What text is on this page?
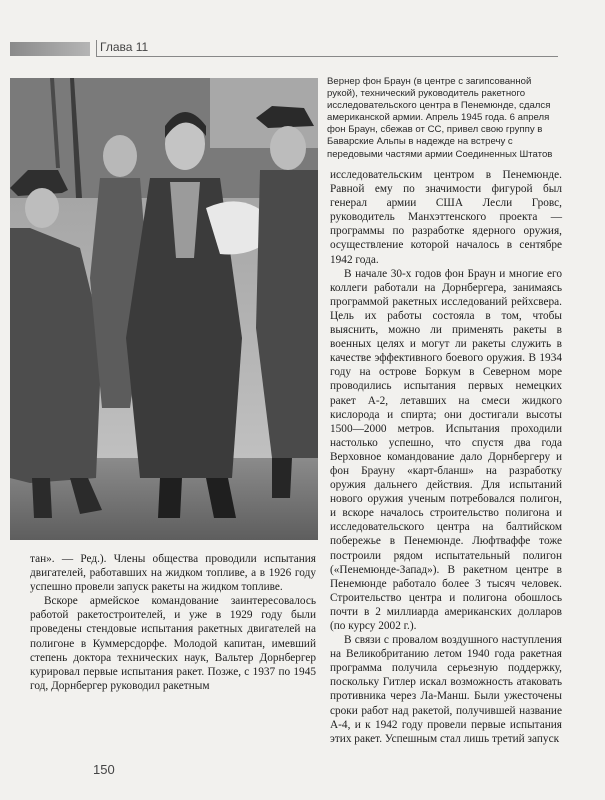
Глава 11
Вернер фон Браун (в центре с загипсованной рукой), технический руководитель ракетного исследовательского центра в Пенемюнде, сдался американской армии. Апрель 1945 года. 6 апреля фон Браун, сбежав от СС, привел свою группу в Баварские Альпы в надежде на встречу с передовыми частями армии Соединенных Штатов

исследовательским центром в Пенемюнде. Равной ему по значимости фигурой был генерал армии США Лесли Гровс, руководитель Манхэттенского проекта — программы по разработке ядерного оружия, осуществление которой началось в сентябре 1942 года.

В начале 30-х годов фон Браун и многие его коллеги работали на Дорнбергера, занимаясь программой ракетных исследований рейхсвера. Цель их работы состояла в том, чтобы выяснить, можно ли применять ракеты в военных целях и могут ли ракеты служить в качестве эффективного боевого оружия. В 1934 году на острове Боркум в Северном море проводились испытания первых немецких ракет А-2, летавших на смеси жидкого кислорода и спирта; они достигали высоты 1500—2000 метров. Испытания проходили настолько успешно, что спустя два года Верховное командование дало Дорнбергеру и фон Брауну «карт-бланш» на разработку оружия дальнего действия. Для испытаний нового оружия ученым потребовался полигон, и вскоре началось строительство полигона и исследовательского центра на балтийском побережье в Пенемюнде. Люфтваффе тоже построили рядом испытательный полигон («Пенемюнде-Запад»). В ракетном центре в Пенемюнде работало более 3 тысяч человек. Строительство центра и полигона обошлось почти в 2 миллиарда американских долларов (по курсу 2002 г.).

В связи с провалом воздушного наступления на Великобританию летом 1940 года ракетная программа получила серьезную поддержку, поскольку Гитлер искал возможность атаковать противника через Ла-Манш. Были ужесточены сроки работ над ракетой, получившей название А-4, и к 1942 году провели первые испытания этих ракет. Успешным стал лишь третий запуск

тан». — Ред.). Члены общества проводили испытания двигателей, работавших на жидком топливе, а в 1926 году успешно провели запуск ракеты на жидком топливе.

Вскоре армейское командование заинтересовалось работой ракетостроителей, и уже в 1929 году были проведены стендовые испытания ракетных двигателей на полигоне в Куммерсдорфе. Молодой капитан, имевший степень доктора технических наук, Вальтер Дорнбергер курировал первые испытания ракет. Позже, с 1937 по 1945 год, Дорнбергер руководил ракетным

150
